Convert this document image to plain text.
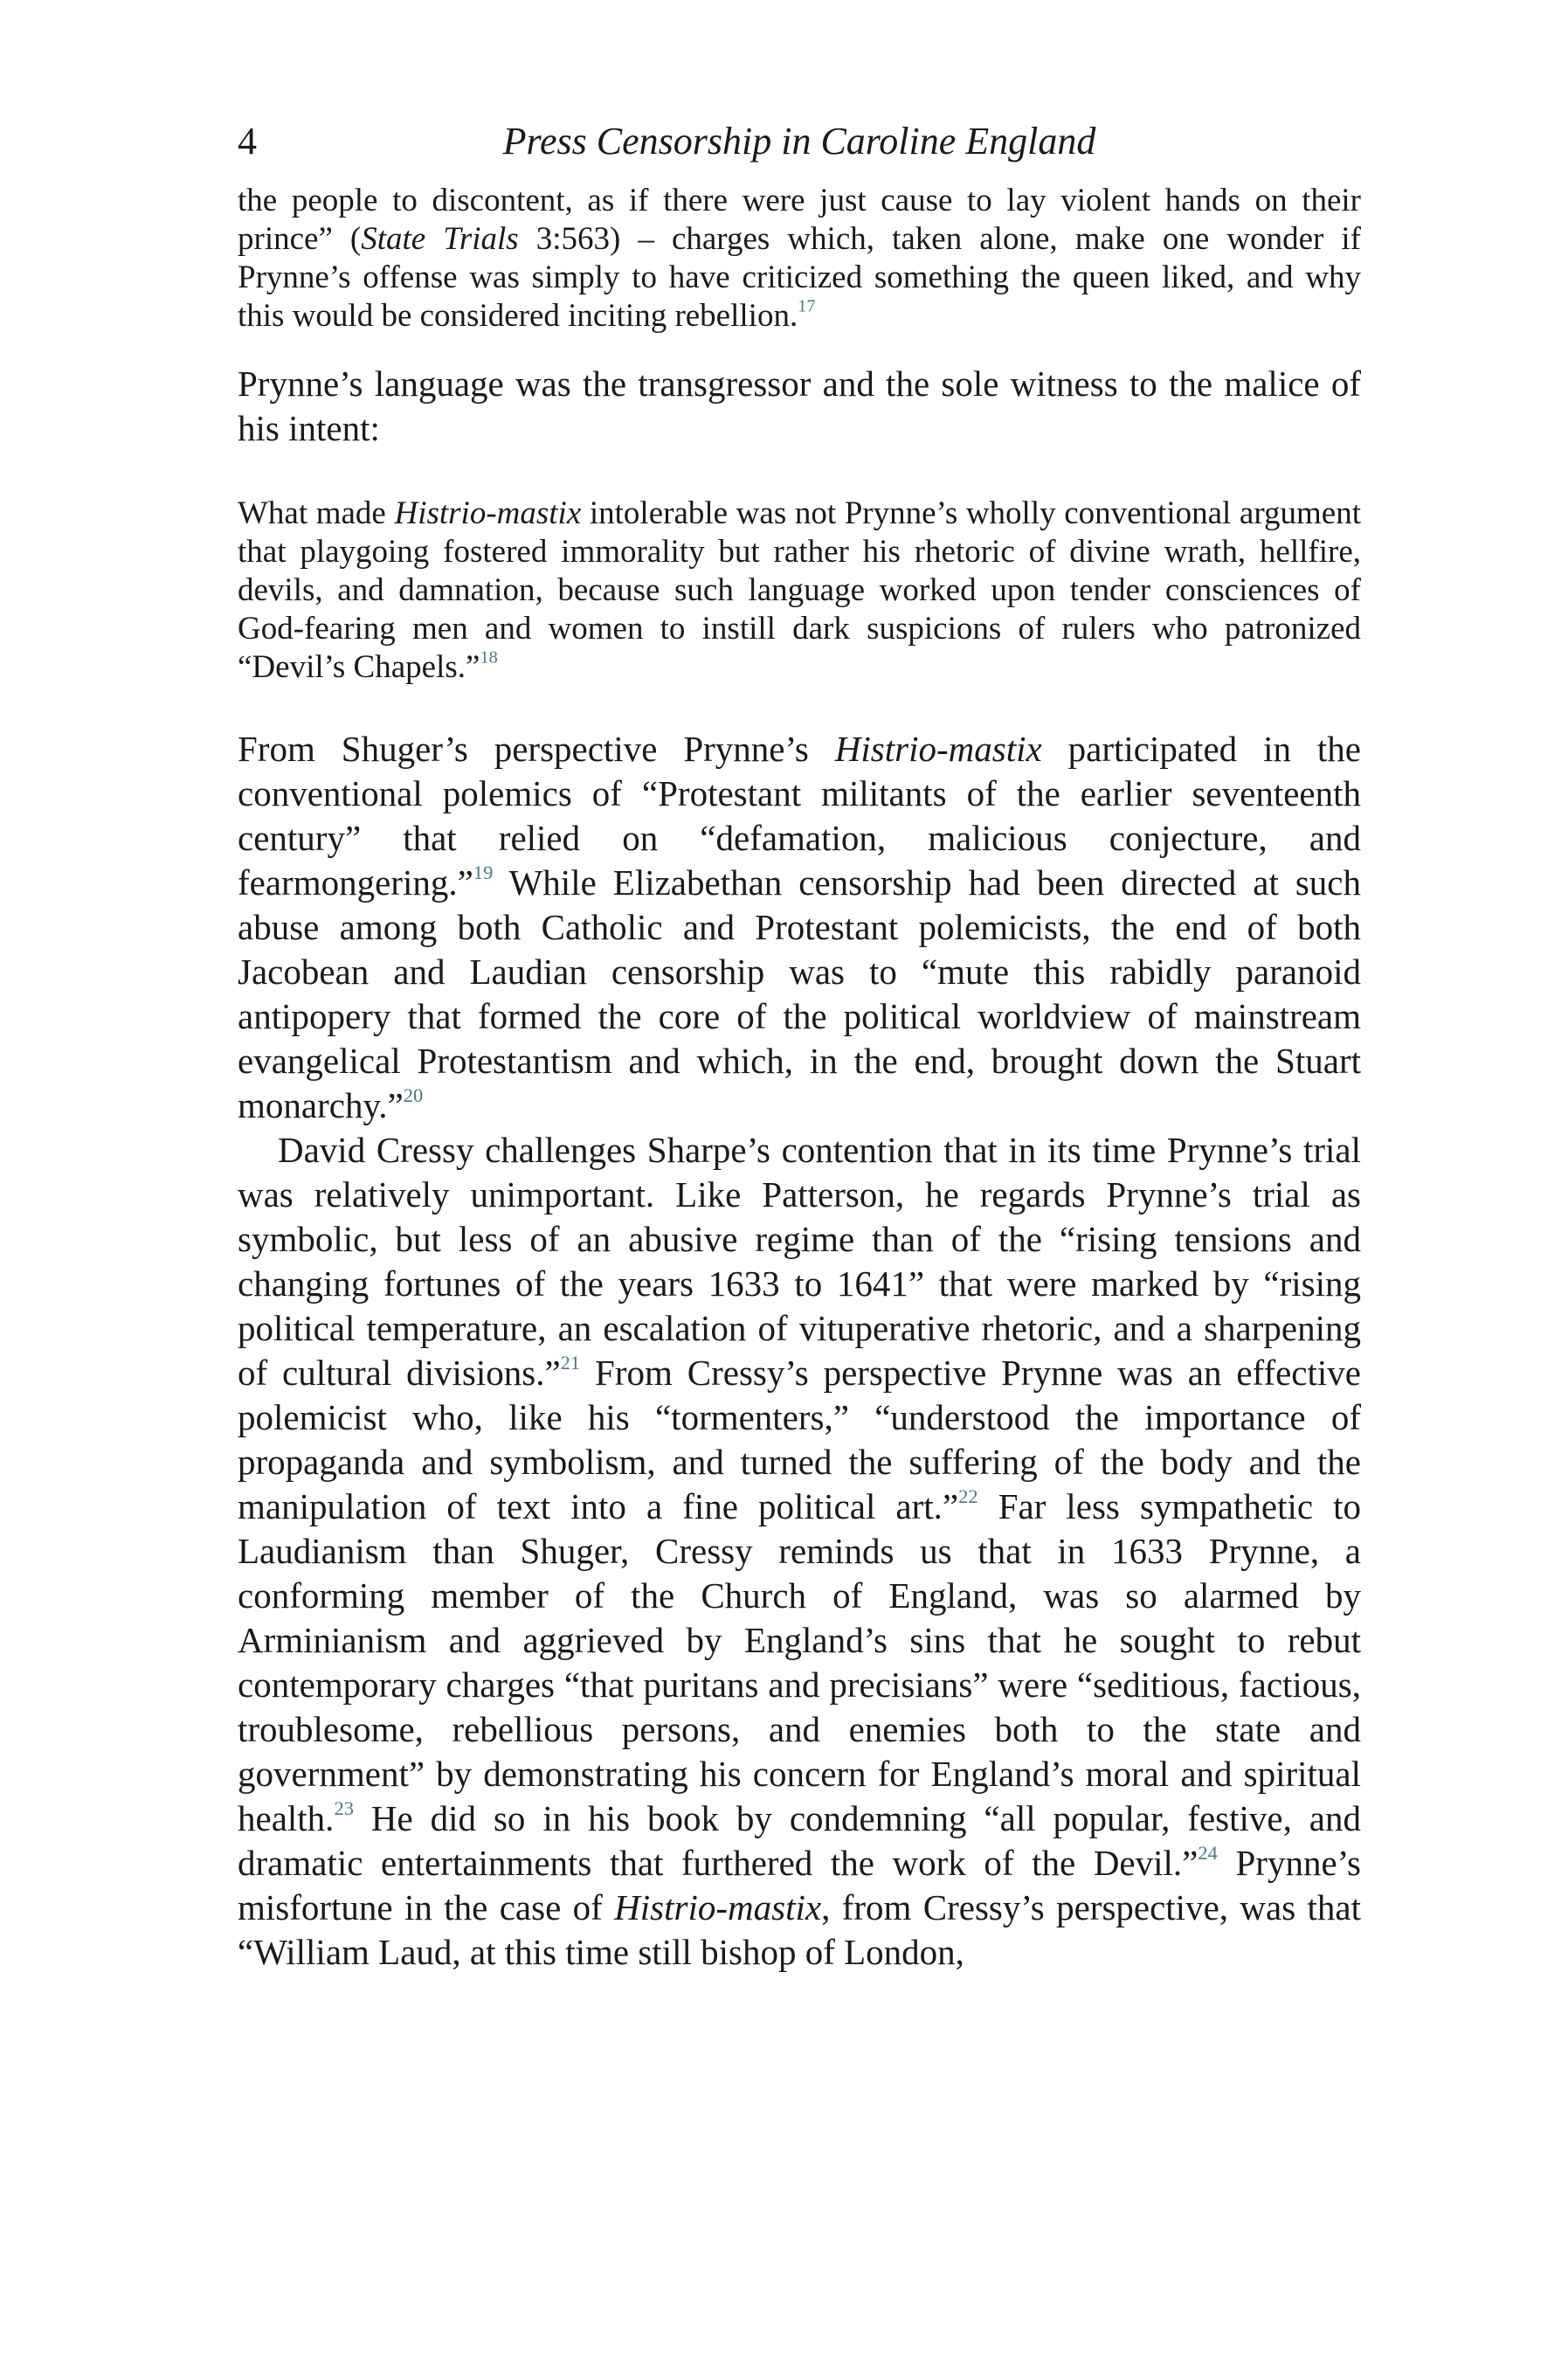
4	Press Censorship in Caroline England

the people to discontent, as if there were just cause to lay violent hands on their prince” (State Trials 3:563) – charges which, taken alone, make one wonder if Prynne’s offense was simply to have criticized something the queen liked, and why this would be considered inciting rebellion.$^{17}$

Prynne’s language was the transgressor and the sole witness to the malice of his intent:

What made Histrio-mastix intolerable was not Prynne’s wholly conventional argument that playgoing fostered immorality but rather his rhetoric of divine wrath, hellfire, devils, and damnation, because such language worked upon tender consciences of God-fearing men and women to instill dark suspicions of rulers who patronized “Devil’s Chapels.”$^{18}$

From Shuger’s perspective Prynne’s Histrio-mastix participated in the conventional polemics of “Protestant militants of the earlier seventeenth century” that relied on “defamation, malicious conjecture, and fearmongering.”$^{19}$ While Elizabethan censorship had been directed at such abuse among both Catholic and Protestant polemicists, the end of both Jacobean and Laudian censorship was to “mute this rabidly paranoid antipopery that formed the core of the political worldview of mainstream evangelical Protestantism and which, in the end, brought down the Stuart monarchy.”$^{20}$

David Cressy challenges Sharpe’s contention that in its time Prynne’s trial was relatively unimportant. Like Patterson, he regards Prynne’s trial as symbolic, but less of an abusive regime than of the “rising tensions and changing fortunes of the years 1633 to 1641” that were marked by “rising political temperature, an escalation of vituperative rhetoric, and a sharpening of cultural divisions.”$^{21}$ From Cressy’s perspective Prynne was an effective polemicist who, like his “tormenters,” “understood the importance of propaganda and symbolism, and turned the suffering of the body and the manipulation of text into a fine political art.”$^{22}$ Far less sympathetic to Laudianism than Shuger, Cressy reminds us that in 1633 Prynne, a conforming member of the Church of England, was so alarmed by Arminianism and aggrieved by England’s sins that he sought to rebut contemporary charges “that puritans and precisians” were “seditious, factious, troublesome, rebellious persons, and enemies both to the state and government” by demonstrating his concern for England’s moral and spiritual health.$^{23}$ He did so in his book by condemning “all popular, festive, and dramatic entertainments that furthered the work of the Devil.”$^{24}$ Prynne’s misfortune in the case of Histrio-mastix, from Cressy’s perspective, was that “William Laud, at this time still bishop of London,
